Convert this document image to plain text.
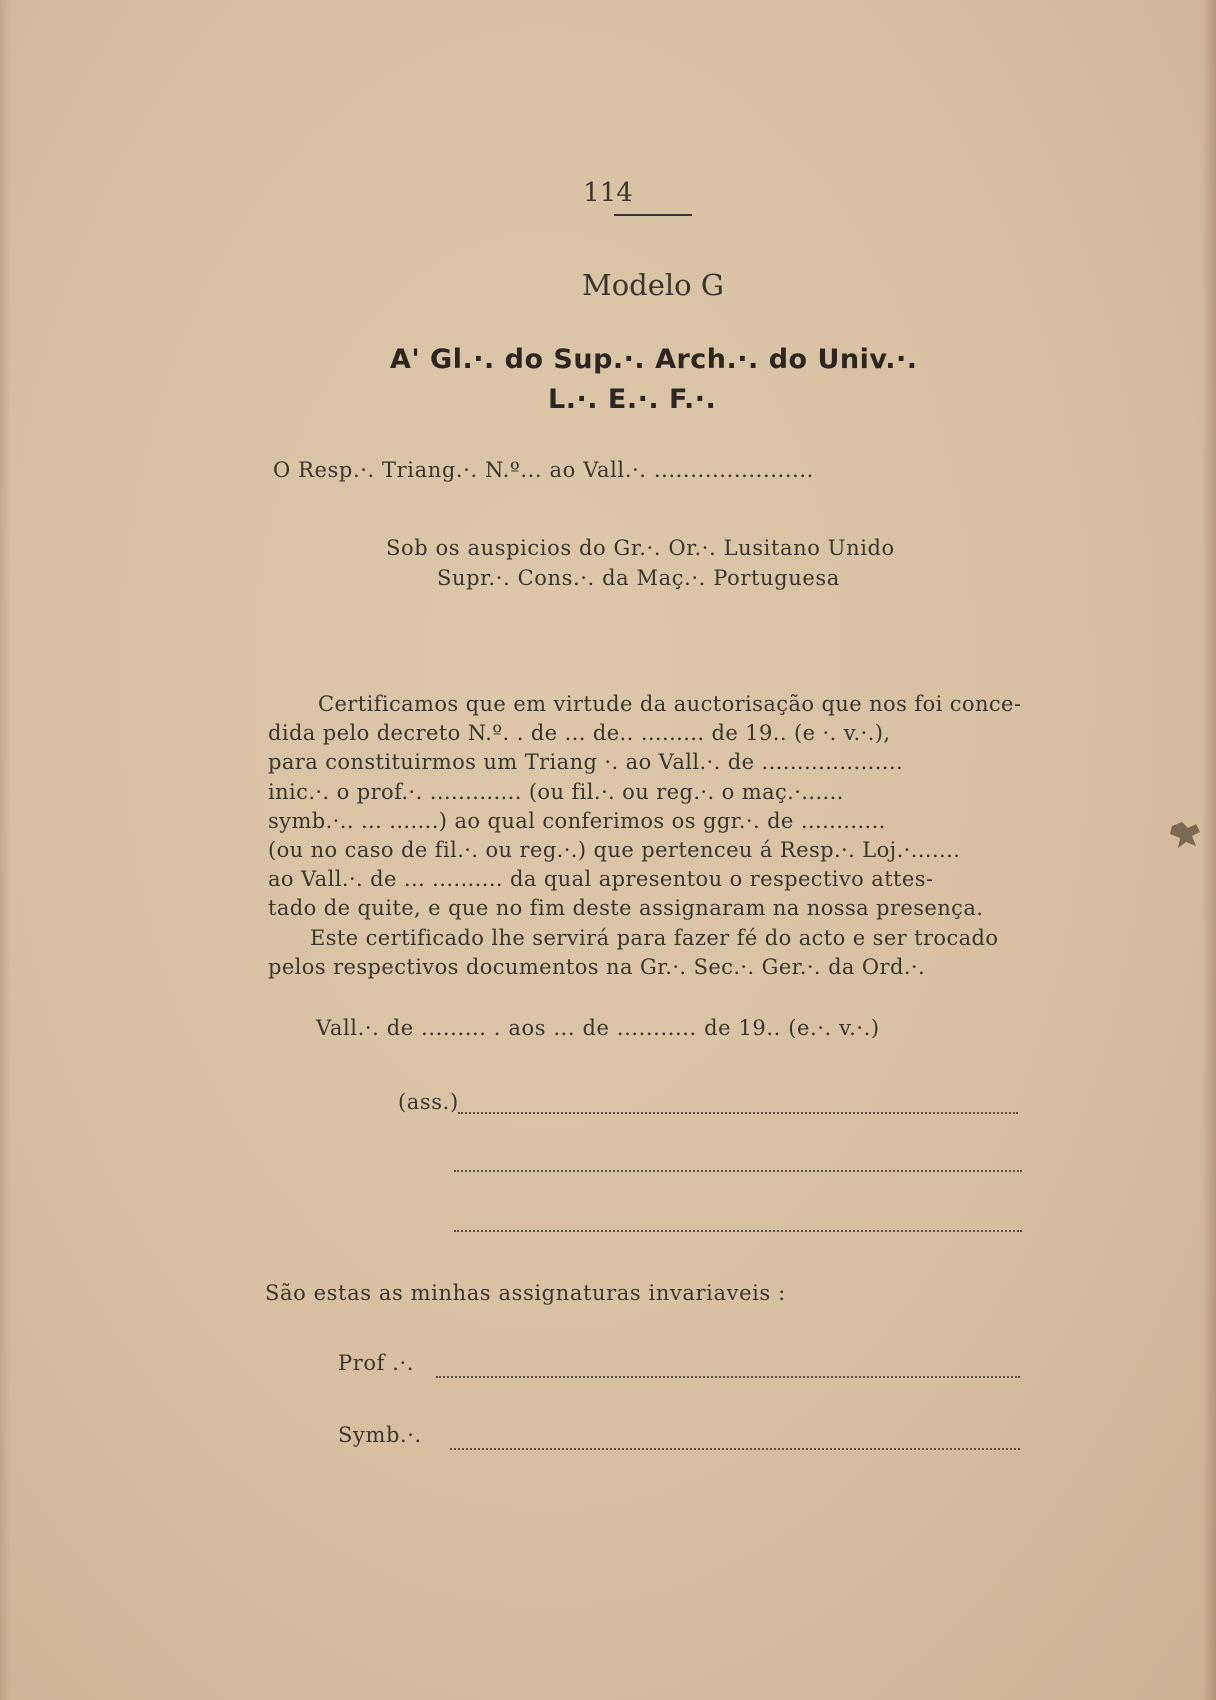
114
Modelo G
A' Gl.·. do Sup.·. Arch.·. do Univ.·.
L.·. E.·. F.·.
O Resp.·. Triang.·. N.º... ao Vall.·. ......................
Sob os auspicios do Gr.·. Or.·. Lusitano Unido
Supr.·. Cons.·. da Maç.·. Portuguesa
Certificamos que em virtude da auctorisação que nos foi conce-
dida pelo decreto N.º. . de ... de.. ......... de 19.. (e ·. v.·.),
para constituirmos um Triang ·. ao Vall.·. de ....................
inic.·. o prof.·. ............. (ou fil.·. ou reg.·. o maç.·......
symb.·.. ... .......) ao qual conferimos os ggr.·. de ............
(ou no caso de fil.·. ou reg.·.) que pertenceu á Resp.·. Loj.·.......
ao Vall.·. de ... .......... da qual apresentou o respectivo attes-
tado de quite, e que no fim deste assignaram na nossa presença.
Este certificado lhe servirá para fazer fé do acto e ser trocado
pelos respectivos documentos na Gr.·. Sec.·. Ger.·. da Ord.·.
Vall.·. de ......... . aos ... de ........... de 19.. (e.·. v.·.)
(ass.)
São estas as minhas assignaturas invariaveis :
Prof .·.
Symb.·.
